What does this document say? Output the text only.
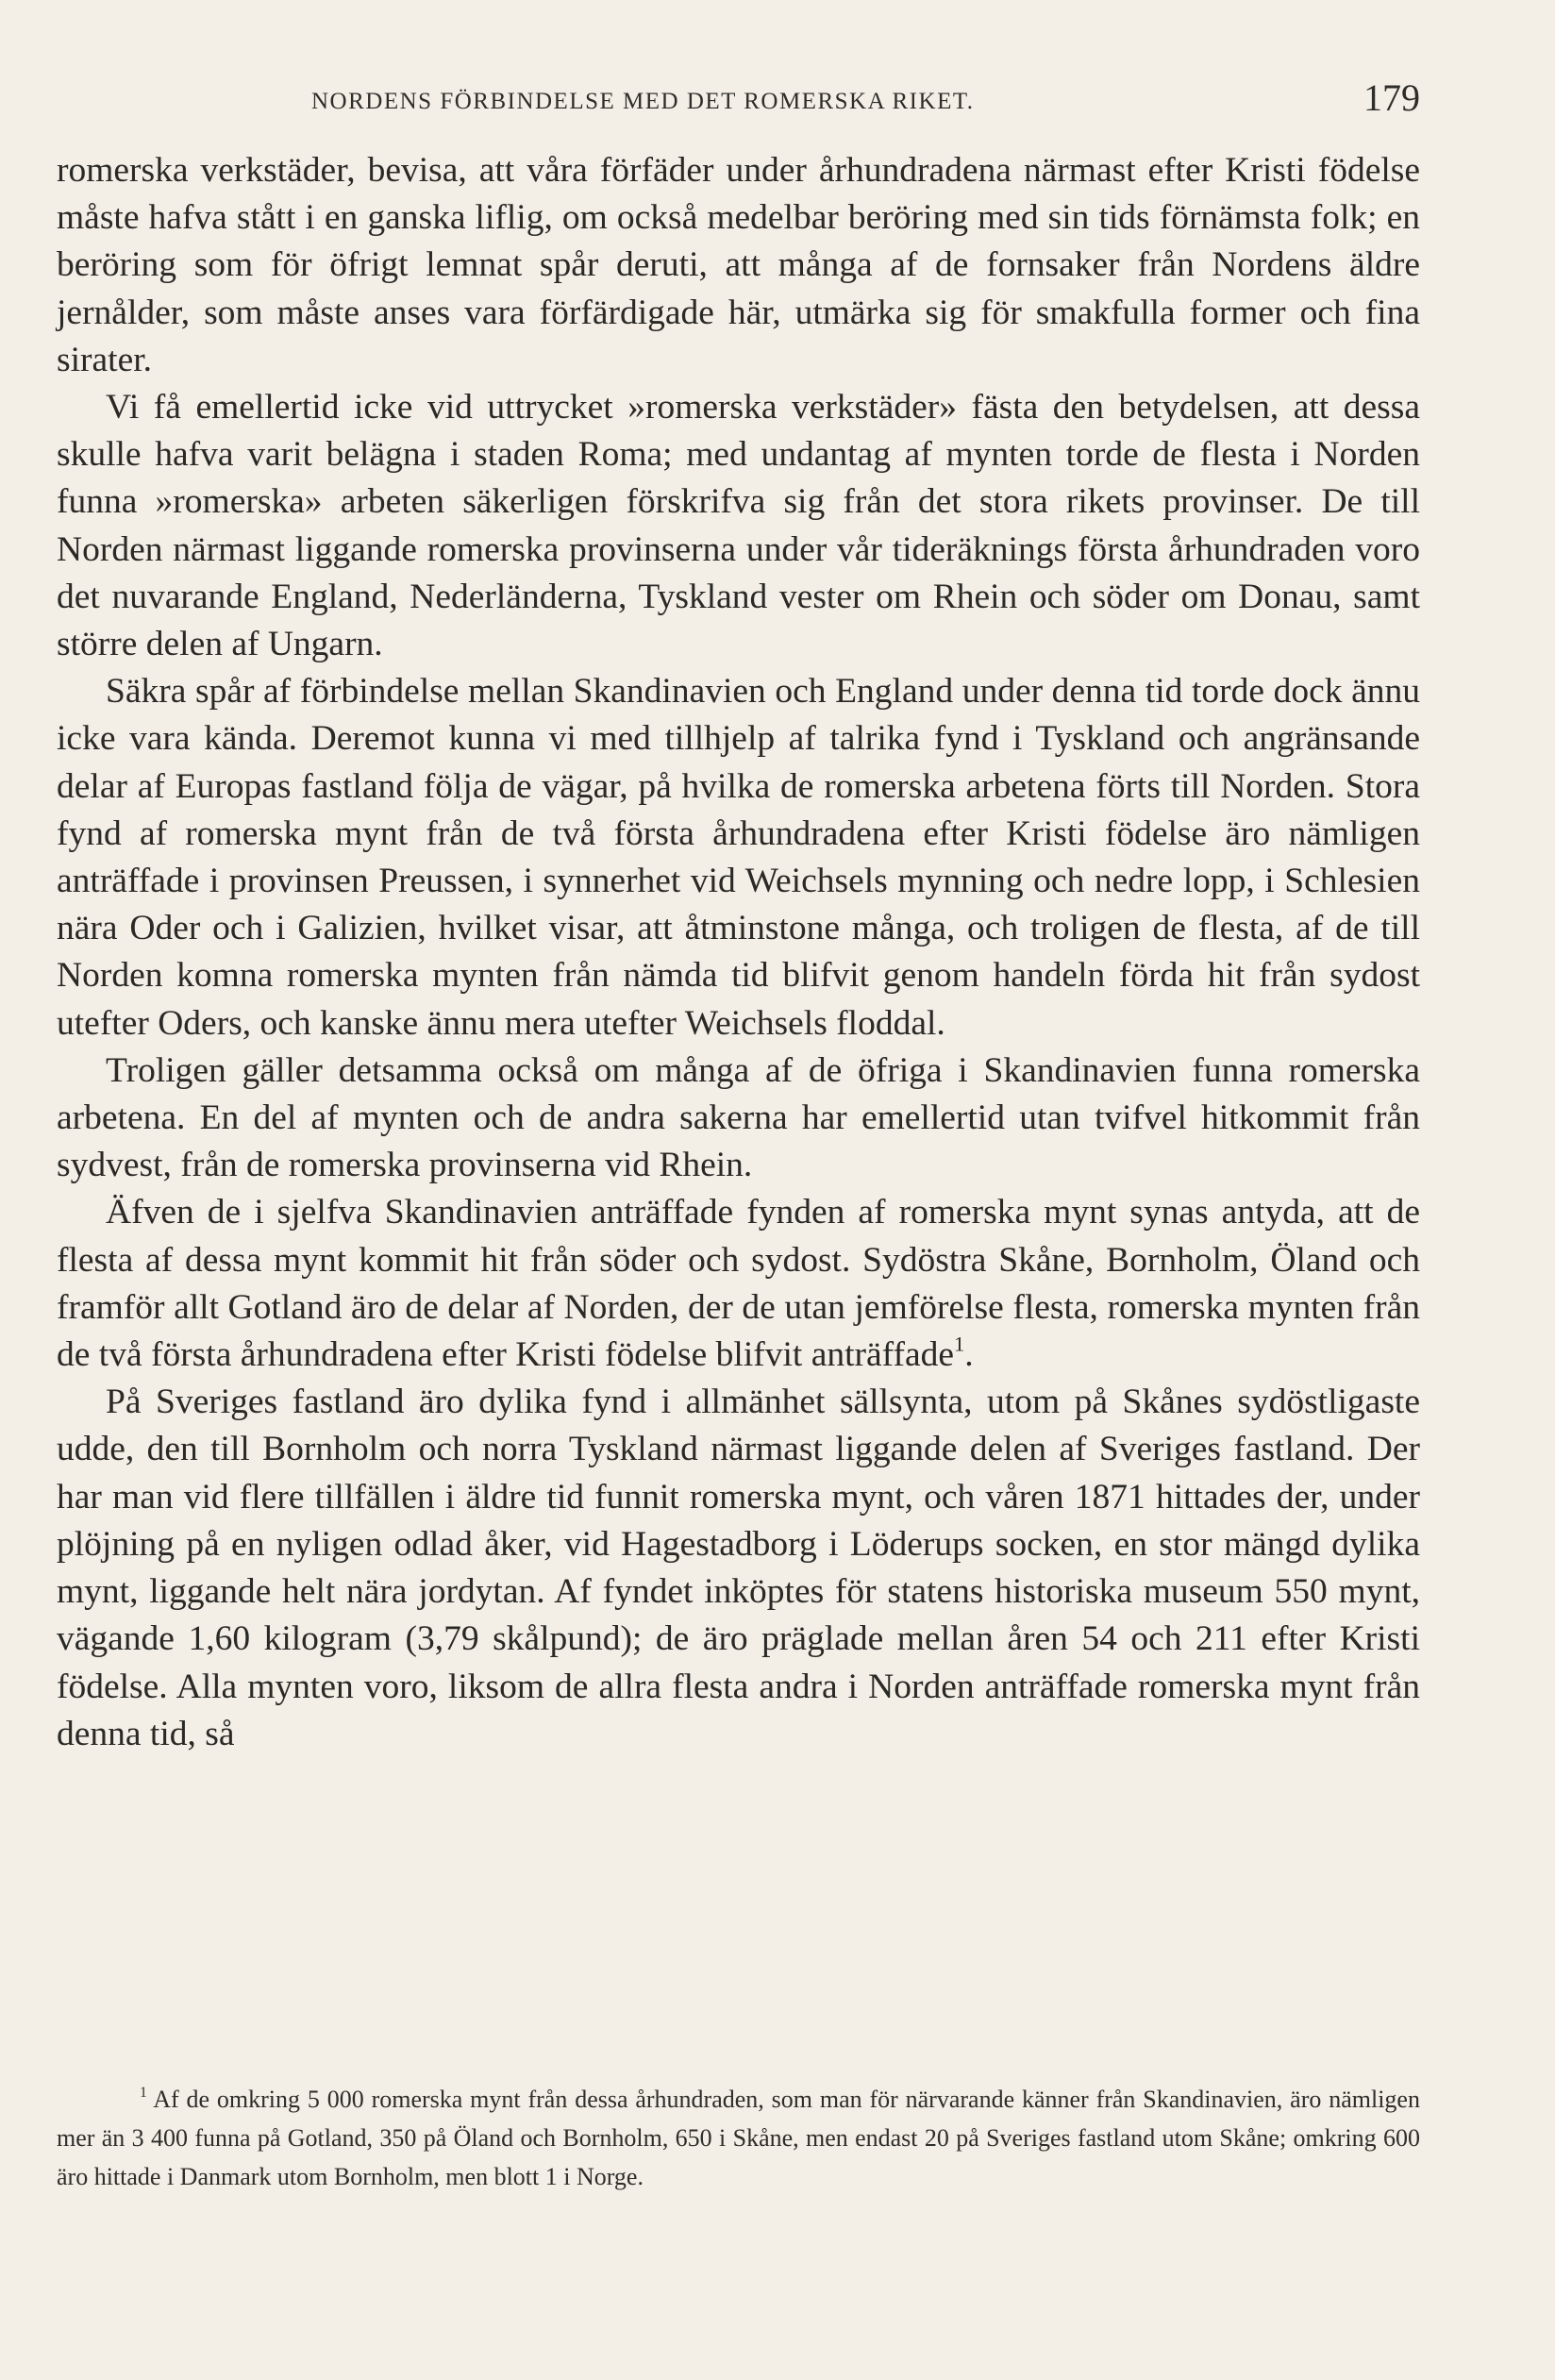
NORDENS FÖRBINDELSE MED DET ROMERSKA RIKET.	179

romerska verkstäder, bevisa, att våra förfäder under århundradena närmast efter Kristi födelse måste hafva stått i en ganska liflig, om också medelbar beröring med sin tids förnämsta folk; en beröring som för öfrigt lemnat spår deruti, att många af de fornsaker från Nordens äldre jernålder, som måste anses vara förfärdigade här, utmärka sig för smakfulla former och fina sirater.

Vi få emellertid icke vid uttrycket »romerska verkstäder» fästa den betydelsen, att dessa skulle hafva varit belägna i staden Roma; med undantag af mynten torde de flesta i Norden funna »romerska» arbeten säkerligen förskrifva sig från det stora rikets provinser. De till Norden närmast liggande romerska provinserna under vår tideräknings första århundraden voro det nuvarande England, Nederländerna, Tyskland vester om Rhein och söder om Donau, samt större delen af Ungarn.

Säkra spår af förbindelse mellan Skandinavien och England under denna tid torde dock ännu icke vara kända. Deremot kunna vi med tillhjelp af talrika fynd i Tyskland och angränsande delar af Europas fastland följa de vägar, på hvilka de romerska arbetena förts till Norden. Stora fynd af romerska mynt från de två första århundradena efter Kristi födelse äro nämligen anträffade i provinsen Preussen, i synnerhet vid Weichsels mynning och nedre lopp, i Schlesien nära Oder och i Galizien, hvilket visar, att åtminstone många, och troligen de flesta, af de till Norden komna romerska mynten från nämda tid blifvit genom handeln förda hit från sydost utefter Oders, och kanske ännu mera utefter Weichsels floddal.

Troligen gäller detsamma också om många af de öfriga i Skandinavien funna romerska arbetena. En del af mynten och de andra sakerna har emellertid utan tvifvel hitkommit från sydvest, från de romerska provinserna vid Rhein.

Äfven de i sjelfva Skandinavien anträffade fynden af romerska mynt synas antyda, att de flesta af dessa mynt kommit hit från söder och sydost. Sydöstra Skåne, Bornholm, Öland och framför allt Gotland äro de delar af Norden, der de utan jemförelse flesta, romerska mynten från de två första århundradena efter Kristi födelse blifvit anträffade$^1$.

På Sveriges fastland äro dylika fynd i allmänhet sällsynta, utom på Skånes sydöstligaste udde, den till Bornholm och norra Tyskland närmast liggande delen af Sveriges fastland. Der har man vid flere tillfällen i äldre tid funnit romerska mynt, och våren 1871 hittades der, under plöjning på en nyligen odlad åker, vid Hagestadborg i Löderups socken, en stor mängd dylika mynt, liggande helt nära jordytan. Af fyndet inköptes för statens historiska museum 550 mynt, vägande 1,60 kilogram (3,79 skålpund); de äro präglade mellan åren 54 och 211 efter Kristi födelse. Alla mynten voro, liksom de allra flesta andra i Norden anträffade romerska mynt från denna tid, så

$^1$ Af de omkring 5 000 romerska mynt från dessa århundraden, som man för närvarande känner från Skandinavien, äro nämligen mer än 3 400 funna på Gotland, 350 på Öland och Bornholm, 650 i Skåne, men endast 20 på Sveriges fastland utom Skåne; omkring 600 äro hittade i Danmark utom Bornholm, men blott 1 i Norge.
